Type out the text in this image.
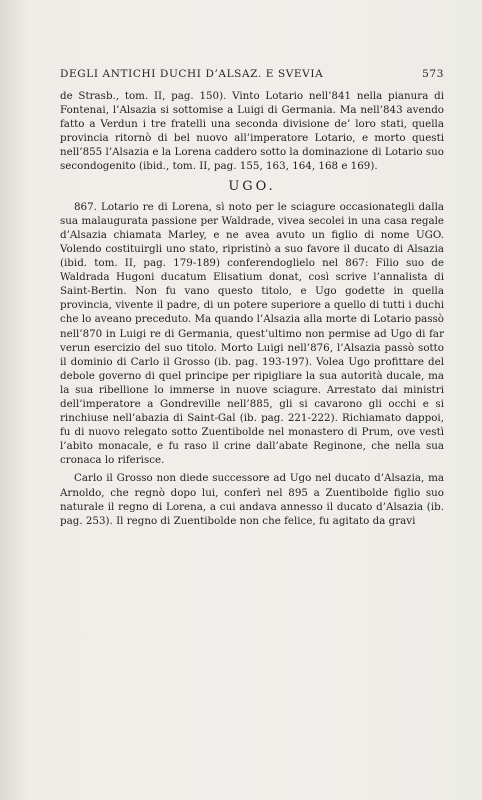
DEGLI ANTICHI DUCHI D’ALSAZ. E SVEVIA	573

de Strasb., tom. II, pag. 150). Vinto Lotario nell’841 nella pianura di Fontenai, l’Alsazia si sottomise a Luigi di Germania. Ma nell’843 avendo fatto a Verdun i tre fratelli una seconda divisione de’ loro stati, quella provincia ritornò di bel nuovo all’imperatore Lotario, e morto questi nell’855 l’Alsazia e la Lorena caddero sotto la dominazione di Lotario suo secondogenito (ibid., tom. II, pag. 155, 163, 164, 168 e 169).

UGO.

867. Lotario re di Lorena, sì noto per le sciagure occasionategli dalla sua malaugurata passione per Waldrade, vivea secolei in una casa regale d’Alsazia chiamata Marley, e ne avea avuto un figlio di nome UGO. Volendo costituirgli uno stato, ripristinò a suo favore il ducato di Alsazia (ibid. tom. II, pag. 179-189) conferendoglielo nel 867: Filio suo de Waldrada Hugoni ducatum Elisatium donat, così scrive l’annalista di Saint-Bertin. Non fu vano questo titolo, e Ugo godette in quella provincia, vivente il padre, di un potere superiore a quello di tutti i duchi che lo aveano preceduto. Ma quando l’Alsazia alla morte di Lotario passò nell’870 in Luigi re di Germania, quest’ultimo non permise ad Ugo di far verun esercizio del suo titolo. Morto Luigi nell’876, l’Alsazia passò sotto il dominio di Carlo il Grosso (ib. pag. 193-197). Volea Ugo profittare del debole governo di quel principe per ripigliare la sua autorità ducale, ma la sua ribellione lo immerse in nuove sciagure. Arrestato dai ministri dell’imperatore a Gondreville nell’885, gli si cavarono gli occhi e si rinchiuse nell’abazia di Saint-Gal (ib. pag. 221-222). Richiamato dappoi, fu di nuovo relegato sotto Zuentibolde nel monastero di Prum, ove vestì l’abito monacale, e fu raso il crine dall’abate Reginone, che nella sua cronaca lo riferisce.

Carlo il Grosso non diede successore ad Ugo nel ducato d’Alsazia, ma Arnoldo, che regnò dopo lui, conferì nel 895 a Zuentibolde figlio suo naturale il regno di Lorena, a cui andava annesso il ducato d’Alsazia (ib. pag. 253). Il regno di Zuentibolde non che felice, fu agitato da gravi
